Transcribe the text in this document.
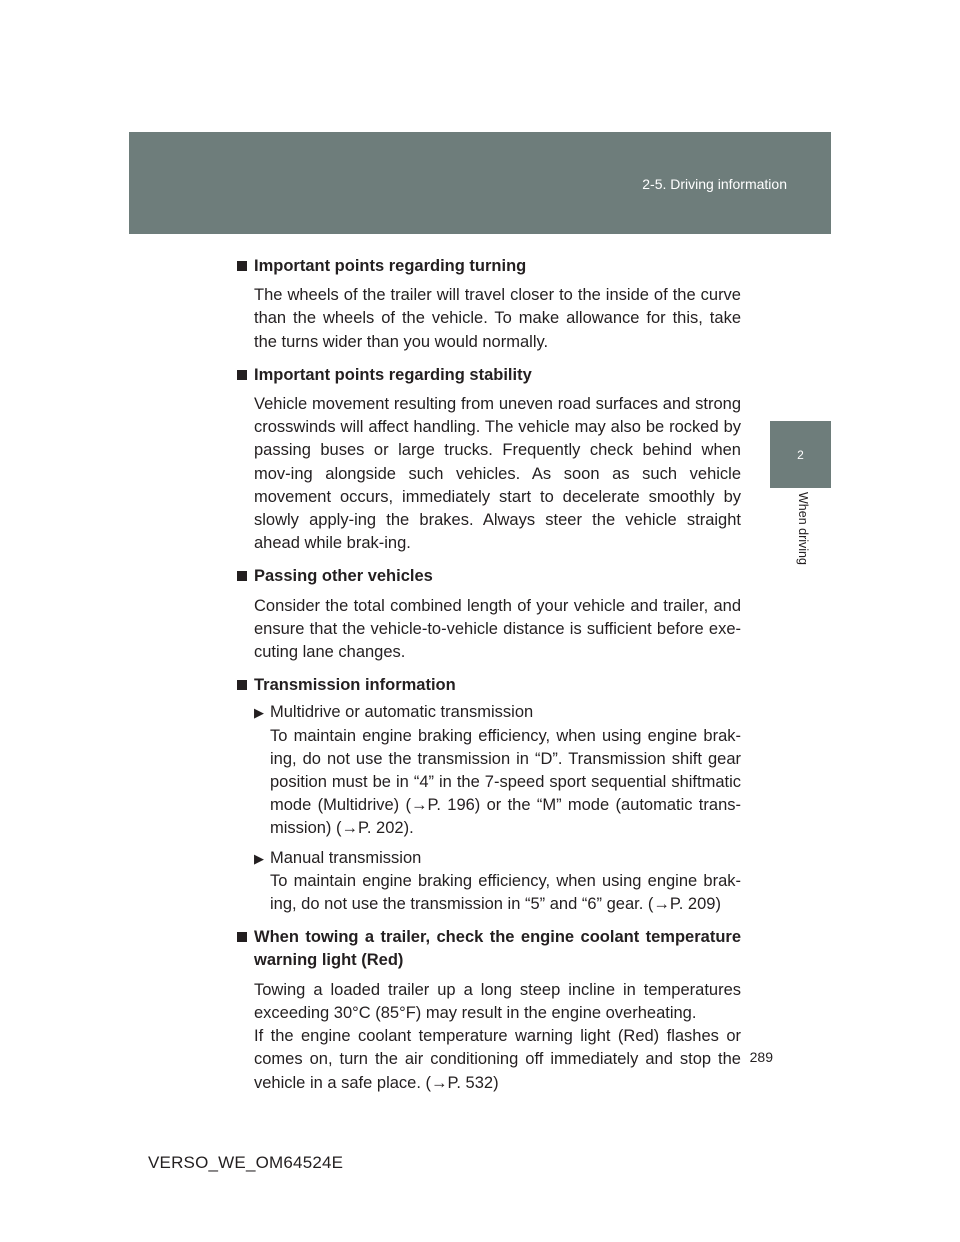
2-5. Driving information
2
When driving
Important points regarding turning

The wheels of the trailer will travel closer to the inside of the curve than the wheels of the vehicle. To make allowance for this, take the turns wider than you would normally.

Important points regarding stability

Vehicle movement resulting from uneven road surfaces and strong crosswinds will affect handling. The vehicle may also be rocked by passing buses or large trucks. Frequently check behind when mov-ing alongside such vehicles. As soon as such vehicle movement occurs, immediately start to decelerate smoothly by slowly apply-ing the brakes. Always steer the vehicle straight ahead while brak-ing.

Passing other vehicles

Consider the total combined length of your vehicle and trailer, and ensure that the vehicle-to-vehicle distance is sufficient before exe-cuting lane changes.

Transmission information
▶ Multidrive or automatic transmission
To maintain engine braking efficiency, when using engine brak-ing, do not use the transmission in “D”. Transmission shift gear position must be in “4” in the 7-speed sport sequential shiftmatic mode (Multidrive) (→P. 196) or the “M” mode (automatic trans-mission) (→P. 202).
▶ Manual transmission
To maintain engine braking efficiency, when using engine brak-ing, do not use the transmission in “5” and “6” gear. (→P. 209)
When towing a trailer, check the engine coolant temperature warning light (Red)

Towing a loaded trailer up a long steep incline in temperatures exceeding 30°C (85°F) may result in the engine overheating.

If the engine coolant temperature warning light (Red) flashes or comes on, turn the air conditioning off immediately and stop the vehicle in a safe place. (→P. 532)

289
VERSO_WE_OM64524E
